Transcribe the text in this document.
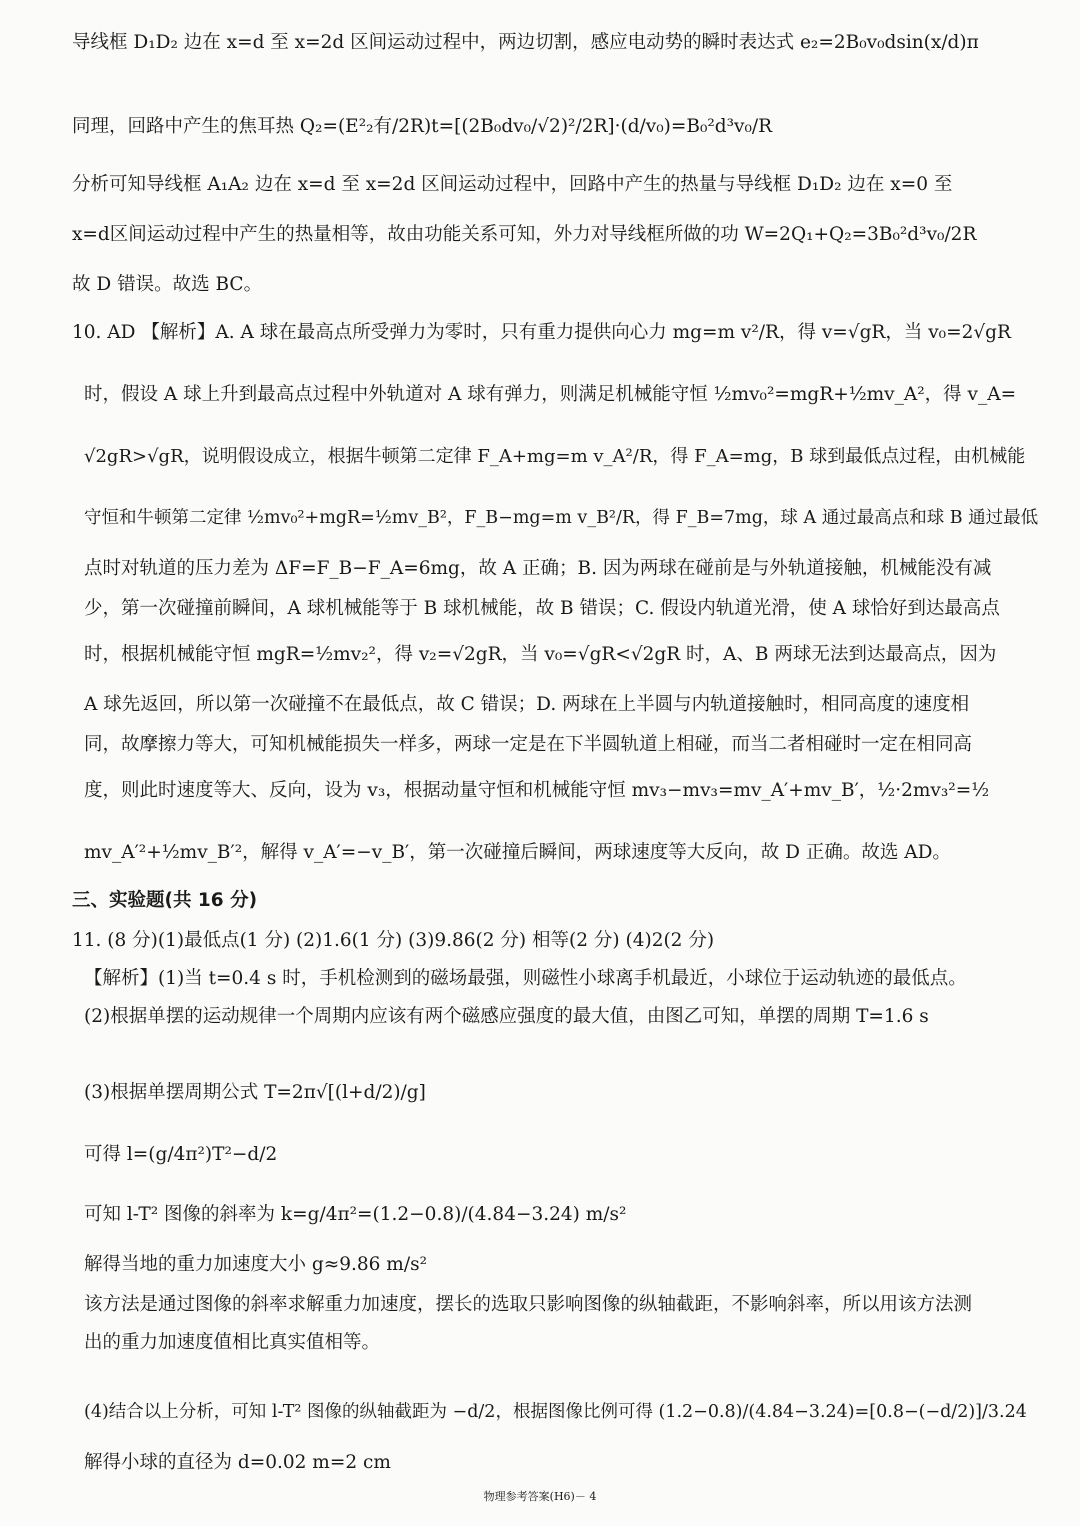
导线框 D₁D₂ 边在 x=d 至 x=2d 区间运动过程中，两边切割，感应电动势的瞬时表达式 e₂=2B₀v₀dsin(x/d)π
同理，回路中产生的焦耳热 Q₂=(E²₂有/2R)t=[(2B₀dv₀/√2)²/2R]·(d/v₀)=B₀²d³v₀/R
分析可知导线框 A₁A₂ 边在 x=d 至 x=2d 区间运动过程中，回路中产生的热量与导线框 D₁D₂ 边在 x=0 至
x=d区间运动过程中产生的热量相等，故由功能关系可知，外力对导线框所做的功 W=2Q₁+Q₂=3B₀²d³v₀/2R
故 D 错误。故选 BC。
10. AD 【解析】A. A 球在最高点所受弹力为零时，只有重力提供向心力 mg=m v²/R，得 v=√gR，当 v₀=2√gR
时，假设 A 球上升到最高点过程中外轨道对 A 球有弹力，则满足机械能守恒 ½mv₀²=mgR+½mv_A²，得 v_A=
√2gR>√gR，说明假设成立，根据牛顿第二定律 F_A+mg=m v_A²/R，得 F_A=mg，B 球到最低点过程，由机械能
守恒和牛顿第二定律 ½mv₀²+mgR=½mv_B²，F_B−mg=m v_B²/R，得 F_B=7mg，球 A 通过最高点和球 B 通过最低
点时对轨道的压力差为 ΔF=F_B−F_A=6mg，故 A 正确；B. 因为两球在碰前是与外轨道接触，机械能没有减
少，第一次碰撞前瞬间，A 球机械能等于 B 球机械能，故 B 错误；C. 假设内轨道光滑，使 A 球恰好到达最高点
时，根据机械能守恒 mgR=½mv₂²，得 v₂=√2gR，当 v₀=√gR<√2gR 时，A、B 两球无法到达最高点，因为
A 球先返回，所以第一次碰撞不在最低点，故 C 错误；D. 两球在上半圆与内轨道接触时，相同高度的速度相
同，故摩擦力等大，可知机械能损失一样多，两球一定是在下半圆轨道上相碰，而当二者相碰时一定在相同高
度，则此时速度等大、反向，设为 v₃，根据动量守恒和机械能守恒 mv₃−mv₃=mv_A′+mv_B′，½·2mv₃²=½
mv_A′²+½mv_B′²，解得 v_A′=−v_B′，第一次碰撞后瞬间，两球速度等大反向，故 D 正确。故选 AD。
三、实验题(共 16 分)
11. (8 分)(1)最低点(1 分) (2)1.6(1 分) (3)9.86(2 分) 相等(2 分) (4)2(2 分)
【解析】(1)当 t=0.4 s 时，手机检测到的磁场最强，则磁性小球离手机最近，小球位于运动轨迹的最低点。
(2)根据单摆的运动规律一个周期内应该有两个磁感应强度的最大值，由图乙可知，单摆的周期 T=1.6 s
(3)根据单摆周期公式 T=2π√[(l+d/2)/g]
可得 l=(g/4π²)T²−d/2
可知 l-T² 图像的斜率为 k=g/4π²=(1.2−0.8)/(4.84−3.24) m/s²
解得当地的重力加速度大小 g≈9.86 m/s²
该方法是通过图像的斜率求解重力加速度，摆长的选取只影响图像的纵轴截距，不影响斜率，所以用该方法测
出的重力加速度值相比真实值相等。
(4)结合以上分析，可知 l-T² 图像的纵轴截距为 −d/2，根据图像比例可得 (1.2−0.8)/(4.84−3.24)=[0.8−(−d/2)]/3.24
解得小球的直径为 d=0.02 m=2 cm
物理参考答案(H6)－ 4
